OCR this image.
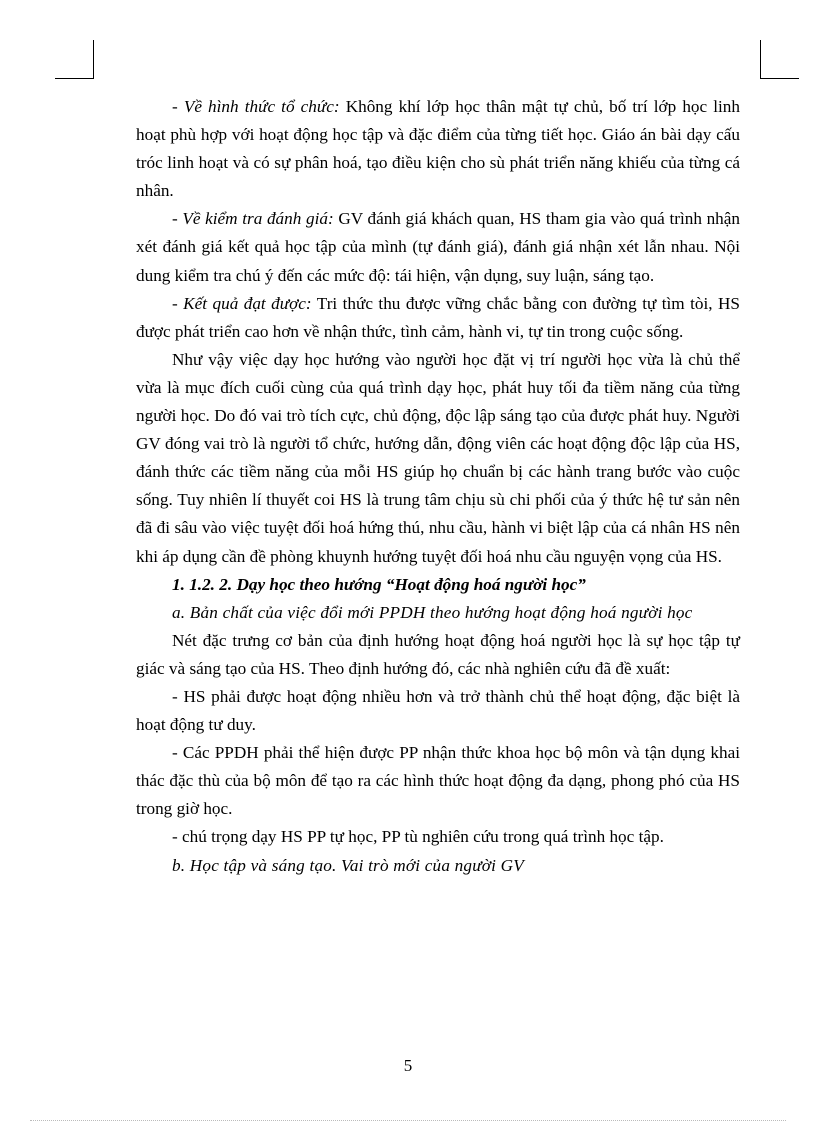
- Về hình thức tổ chức: Không khí lớp học thân mật tự chủ, bố trí lớp học linh hoạt phù hợp với hoạt động học tập và đặc điểm của từng tiết học. Giáo án bài dạy cấu tróc linh hoạt và có sự phân hoá, tạo điều kiện cho sù phát triển năng khiếu của từng cá nhân.

- Về kiểm tra đánh giá: GV đánh giá khách quan, HS tham gia vào quá trình nhận xét đánh giá kết quả học tập của mình (tự đánh giá), đánh giá nhận xét lẫn nhau. Nội dung kiểm tra chú ý đến các mức độ: tái hiện, vận dụng, suy luận, sáng tạo.

- Kết quả đạt được: Tri thức thu được vững chắc bằng con đường tự tìm tòi, HS được phát triển cao hơn về nhận thức, tình cảm, hành vi, tự tin trong cuộc sống.

Như vậy việc dạy học hướng vào người học đặt vị trí người học vừa là chủ thể vừa là mục đích cuối cùng của quá trình dạy học, phát huy tối đa tiềm năng của từng người học. Do đó vai trò tích cực, chủ động, độc lập sáng tạo của được phát huy. Người GV đóng vai trò là người tổ chức, hướng dẫn, động viên các hoạt động độc lập của HS, đánh thức các tiềm năng của mỗi HS giúp họ chuẩn bị các hành trang bước vào cuộc sống. Tuy nhiên lí thuyết coi HS là trung tâm chịu sù chi phối của ý thức hệ tư sản nên đã đi sâu vào việc tuyệt đối hoá hứng thú, nhu cầu, hành vi biệt lập của cá nhân HS nên khi áp dụng cần đề phòng khuynh hướng tuyệt đối hoá nhu cầu nguyện vọng của HS.

1. 1.2. 2. Dạy học theo hướng “Hoạt động hoá người học”

a. Bản chất của việc đổi mới PPDH theo hướng hoạt động hoá người học

Nét đặc trưng cơ bản của định hướng hoạt động hoá người học là sự học tập tự giác và sáng tạo của HS. Theo định hướng đó, các nhà nghiên cứu đã đề xuất:

- HS phải được hoạt động nhiều hơn và trở thành chủ thể hoạt động, đặc biệt là hoạt động tư duy.

- Các PPDH phải thể hiện được PP nhận thức khoa học bộ môn và tận dụng khai thác đặc thù của bộ môn để tạo ra các hình thức hoạt động đa dạng, phong phó của HS trong giờ học.

- chú trọng dạy HS PP tự học, PP tù nghiên cứu trong quá trình học tập.

b. Học tập và sáng tạo. Vai trò mới của người GV

5
